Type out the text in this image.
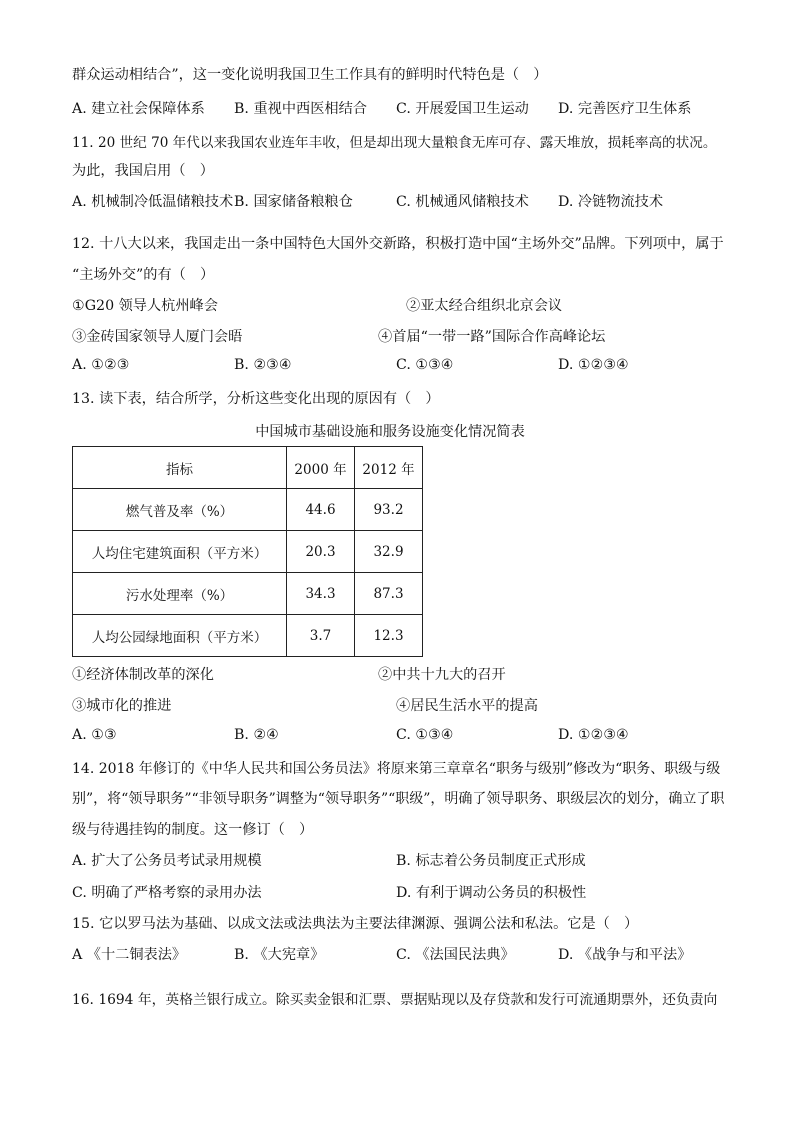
群众运动相结合”，这一变化说明我国卫生工作具有的鲜明时代特色是（　）
A. 建立社会保障体系 B. 重视中西医相结合 C. 开展爱国卫生运动 D. 完善医疗卫生体系
11. 20 世纪 70 年代以来我国农业连年丰收，但是却出现大量粮食无库可存、露天堆放，损耗率高的状况。
为此，我国启用（　）
A. 机械制冷低温储粮技术 B. 国家储备粮粮仓	C. 机械通风储粮技术 D. 冷链物流技术
12. 十八大以来，我国走出一条中国特色大国外交新路，积极打造中国“主场外交”品牌。下列项中，属于
“主场外交”的有（　）
①G20 领导人杭州峰会	②亚太经合组织北京会议
③金砖国家领导人厦门会晤	④首届“一带一路”国际合作高峰论坛
A. ①②③	B. ②③④	C. ①③④	D. ①②③④
13. 读下表，结合所学，分析这些变化出现的原因有（　）
中国城市基础设施和服务设施变化情况简表
指标	2000 年	2012 年
燃气普及率（%）	44.6	93.2
人均住宅建筑面积（平方米）	20.3	32.9
污水处理率（%）	34.3	87.3
人均公园绿地面积（平方米）	3.7	12.3
①经济体制改革的深化	②中共十九大的召开
③城市化的推进	④居民生活水平的提高
A. ①③	B. ②④	C. ①③④	D. ①②③④
14. 2018 年修订的《中华人民共和国公务员法》将原来第三章章名“职务与级别”修改为“职务、职级与级
别”，将“领导职务”“非领导职务”调整为“领导职务”“职级”，明确了领导职务、职级层次的划分，确立了职
级与待遇挂钩的制度。这一修订（　）
A. 扩大了公务员考试录用规模	B. 标志着公务员制度正式形成
C. 明确了严格考察的录用办法	D. 有利于调动公务员的积极性
15. 它以罗马法为基础、以成文法或法典法为主要法律渊源、强调公法和私法。它是（　）
A 《十二铜表法》	B. 《大宪章》	C. 《法国民法典》	D. 《战争与和平法》
16. 1694 年，英格兰银行成立。除买卖金银和汇票、票据贴现以及存贷款和发行可流通期票外，还负责向
